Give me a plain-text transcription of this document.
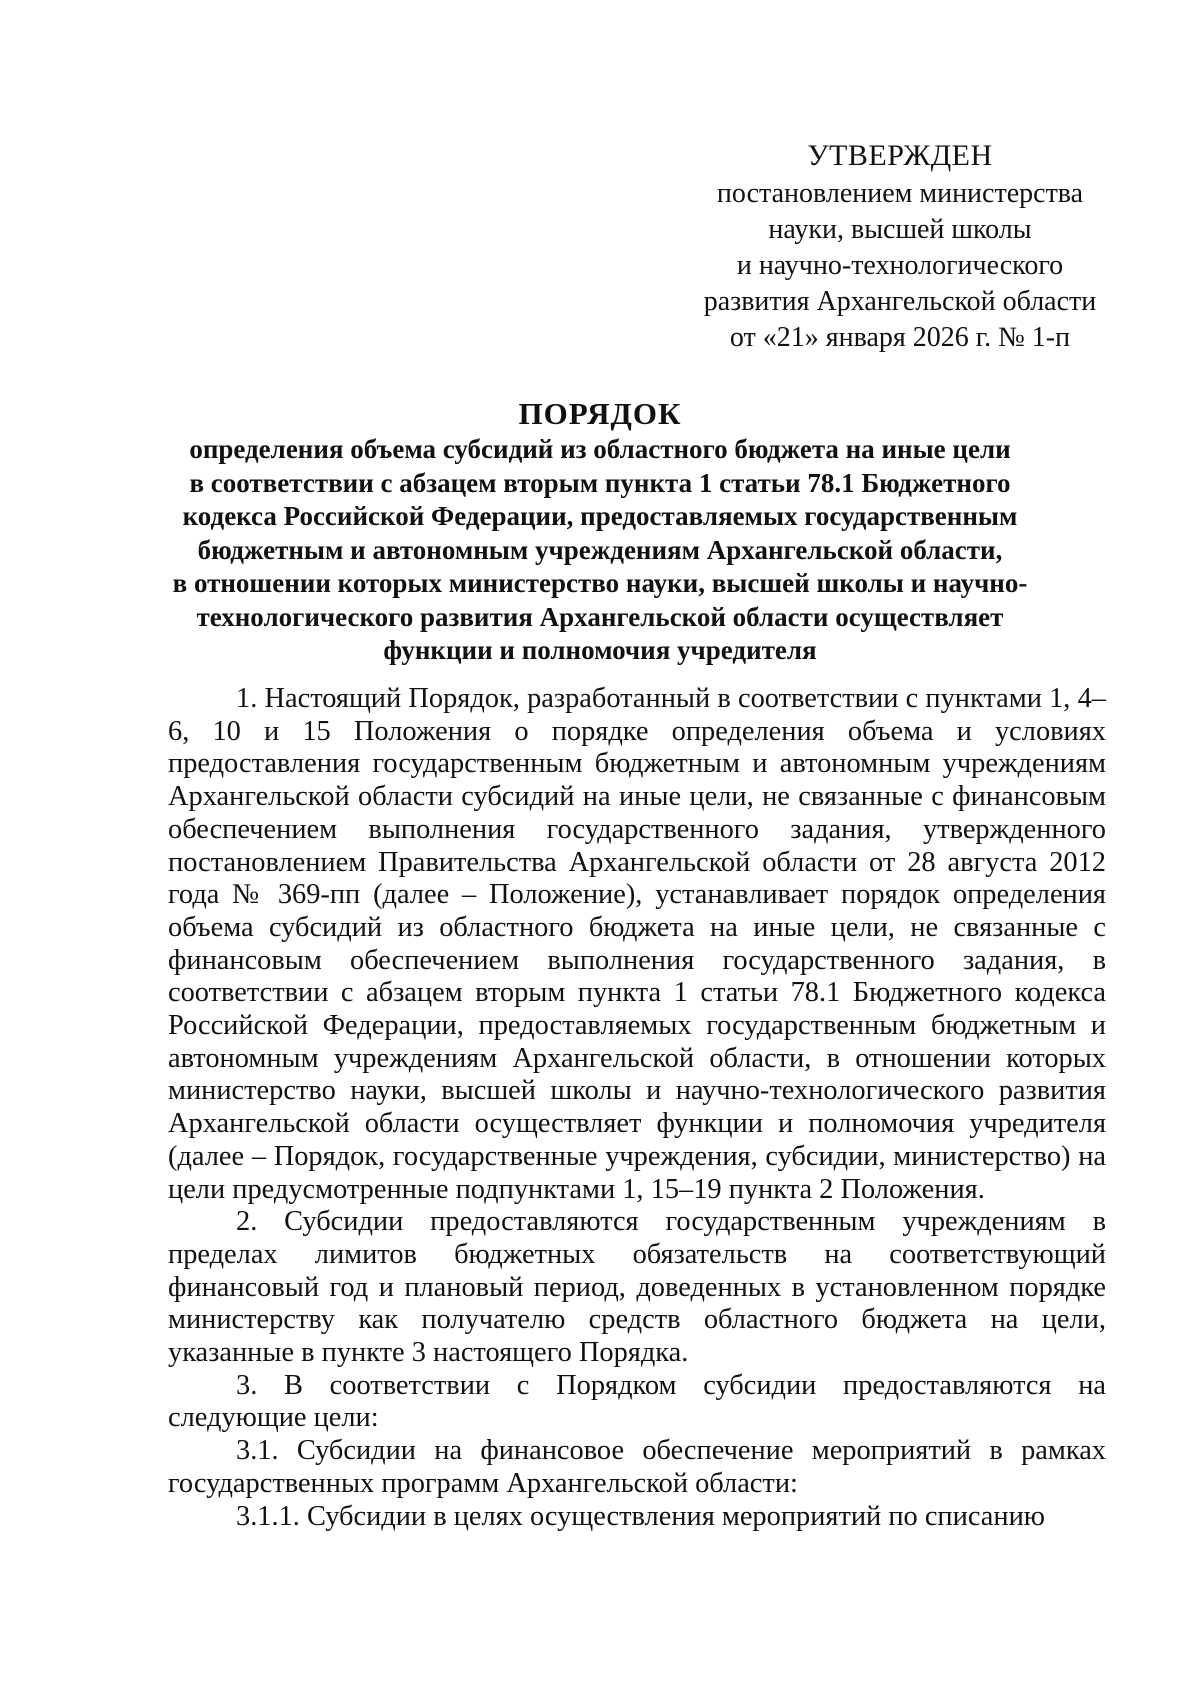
УТВЕРЖДЕН
постановлением министерства
науки, высшей школы
и научно-технологического
развития Архангельской области
от «21» января 2026 г. № 1-п
ПОРЯДОК
определения объема субсидий из областного бюджета на иные цели
в соответствии с абзацем вторым пункта 1 статьи 78.1 Бюджетного
кодекса Российской Федерации, предоставляемых государственным
бюджетным и автономным учреждениям Архангельской области,
в отношении которых министерство науки, высшей школы и научно-
технологического развития Архангельской области осуществляет
функции и полномочия учредителя

1. Настоящий Порядок, разработанный в соответствии с пунктами 1, 4–6, 10 и 15 Положения о порядке определения объема и условиях предоставления государственным бюджетным и автономным учреждениям Архангельской области субсидий на иные цели, не связанные с финансовым обеспечением выполнения государственного задания, утвержденного постановлением Правительства Архангельской области от 28 августа 2012 года № 369-пп (далее – Положение), устанавливает порядок определения объема субсидий из областного бюджета на иные цели, не связанные с финансовым обеспечением выполнения государственного задания, в соответствии с абзацем вторым пункта 1 статьи 78.1 Бюджетного кодекса Российской Федерации, предоставляемых государственным бюджетным и автономным учреждениям Архангельской области, в отношении которых министерство науки, высшей школы и научно-технологического развития Архангельской области осуществляет функции и полномочия учредителя (далее – Порядок, государственные учреждения, субсидии, министерство) на цели предусмотренные подпунктами 1, 15–19 пункта 2 Положения.

2. Субсидии предоставляются государственным учреждениям в пределах лимитов бюджетных обязательств на соответствующий финансовый год и плановый период, доведенных в установленном порядке министерству как получателю средств областного бюджета на цели, указанные в пункте 3 настоящего Порядка.

3. В соответствии с Порядком субсидии предоставляются на следующие цели:

3.1. Субсидии на финансовое обеспечение мероприятий в рамках государственных программ Архангельской области:

3.1.1. Субсидии в целях осуществления мероприятий по списанию
